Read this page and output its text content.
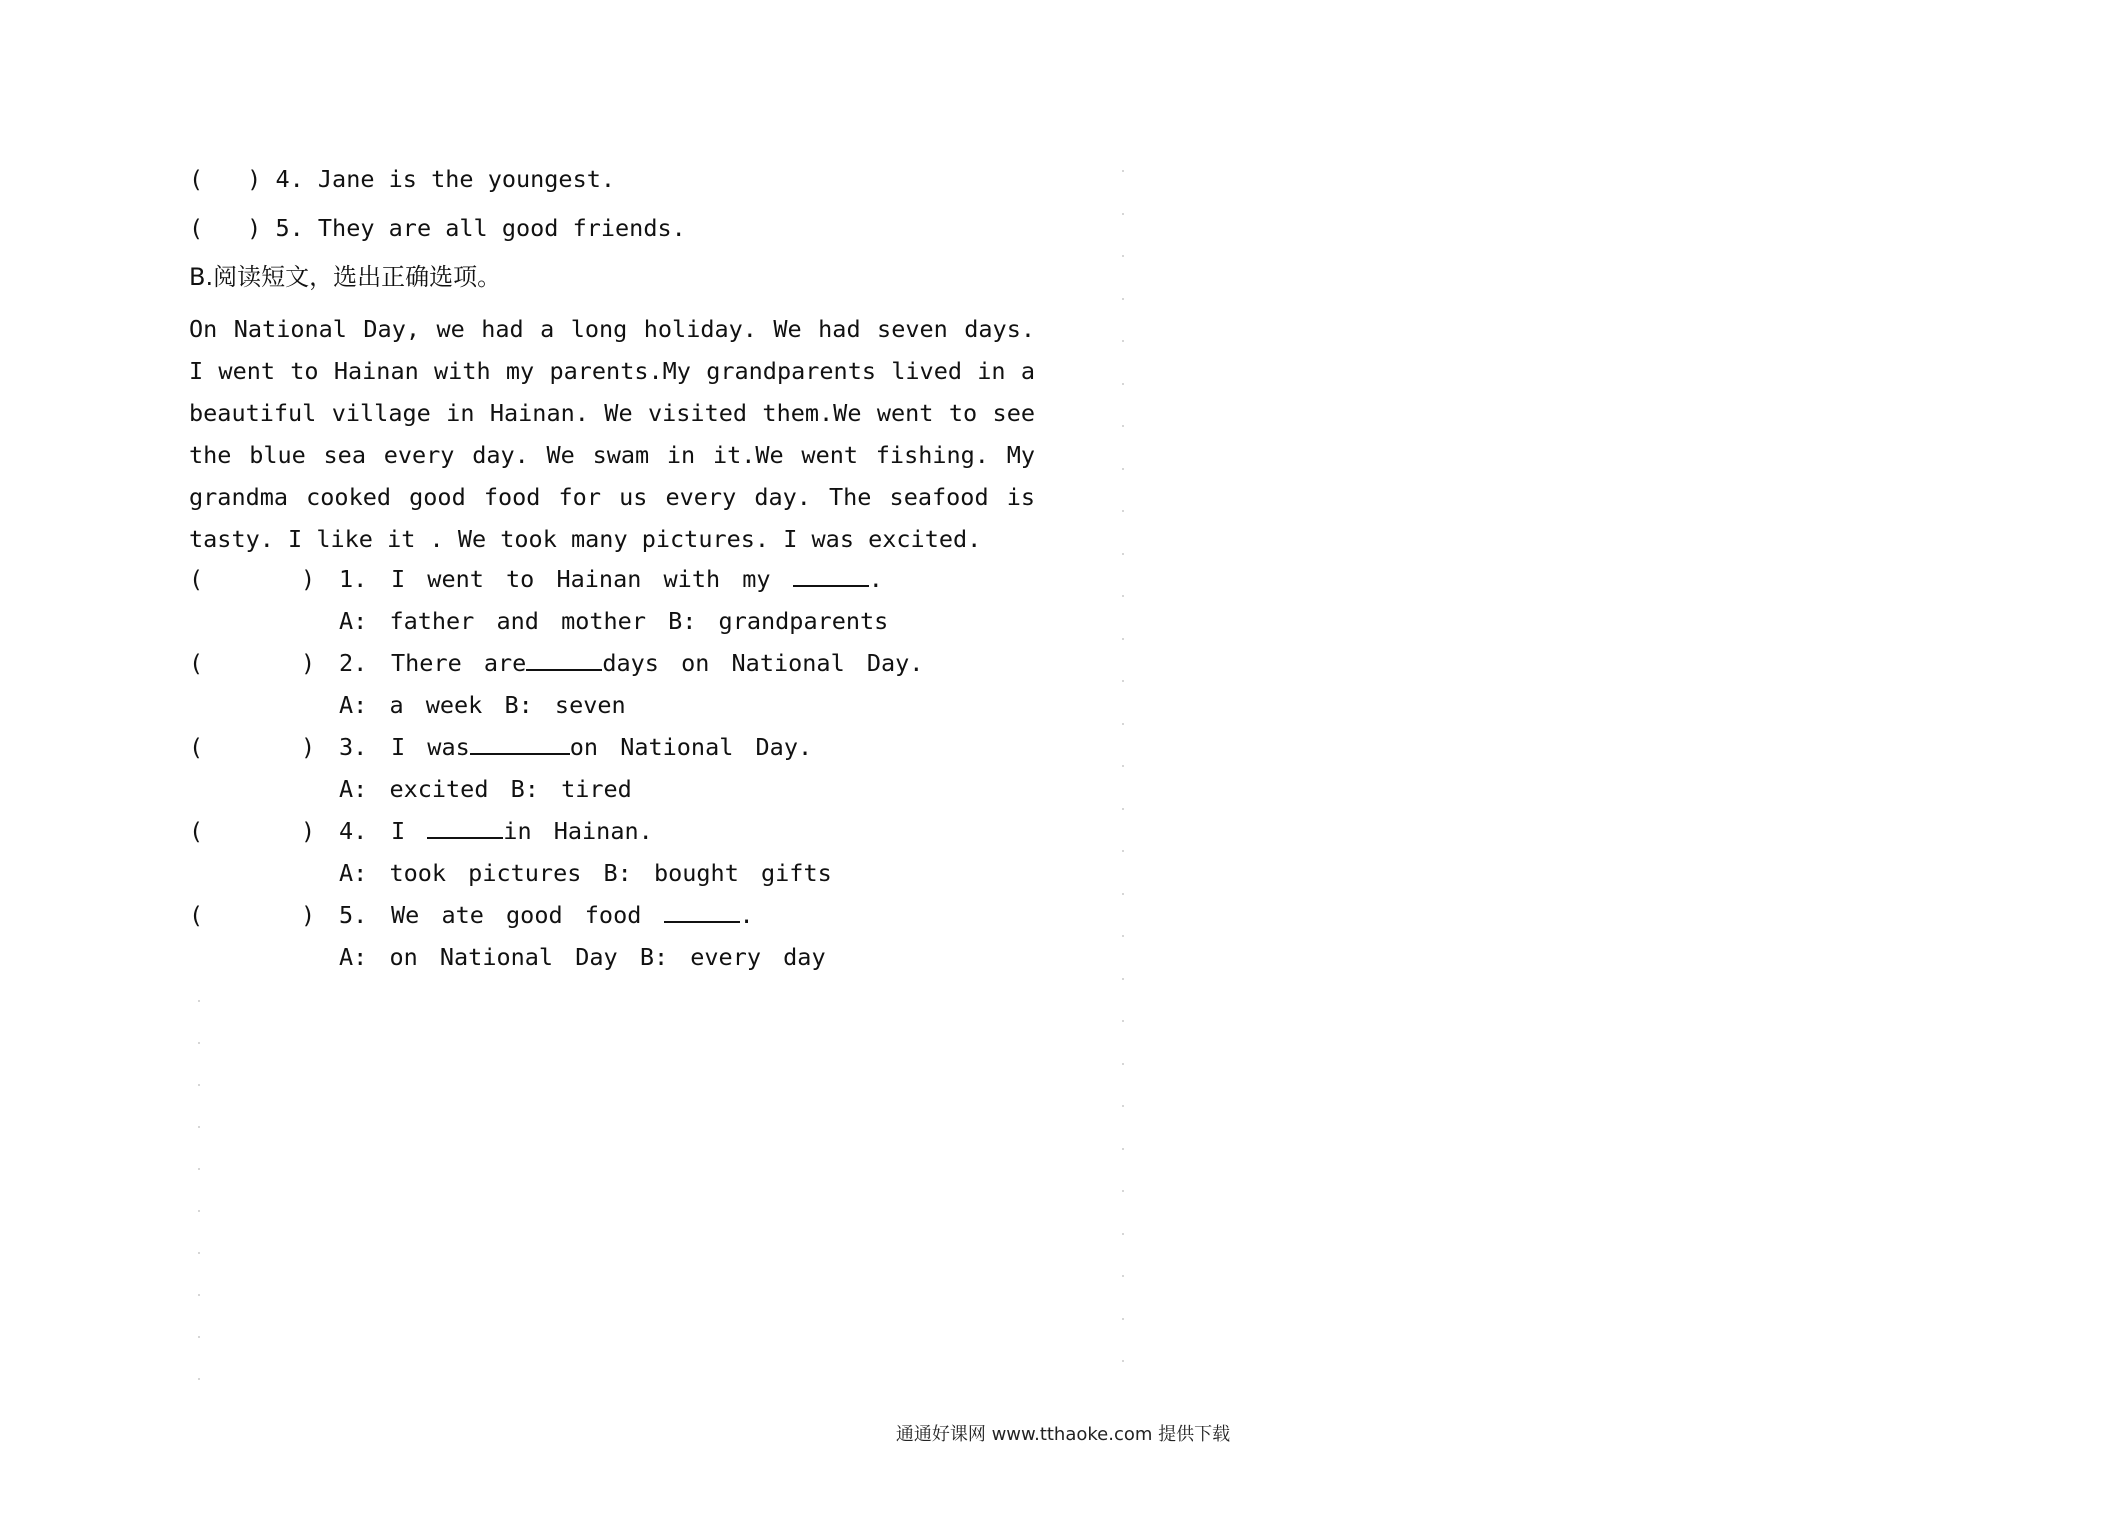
( ) 4. Jane is the youngest.
( ) 5. They are all good friends.
B.阅读短文，选出正确选项。

On National Day, we had a long holiday. We had seven days. I went to Hainan with my parents.My grandparents lived in a beautiful village in Hainan. We visited them.We went to see the blue sea every day. We swam in it.We went fishing. My grandma cooked good food for us every day. The seafood is tasty. I like it . We took many pictures. I was excited.

(	) 1. I went to Hainan with my	.
A: father and mother B: grandparents
(	) 2. There are	days on National Day.
A: a week B: seven
(	) 3. I was	on National Day.
A: excited B: tired
(	) 4. I	in Hainan.
A: took pictures B: bought gifts
(	) 5. We ate good food	.
A: on National Day B: every day
通通好课网 www.tthaoke.com 提供下载
